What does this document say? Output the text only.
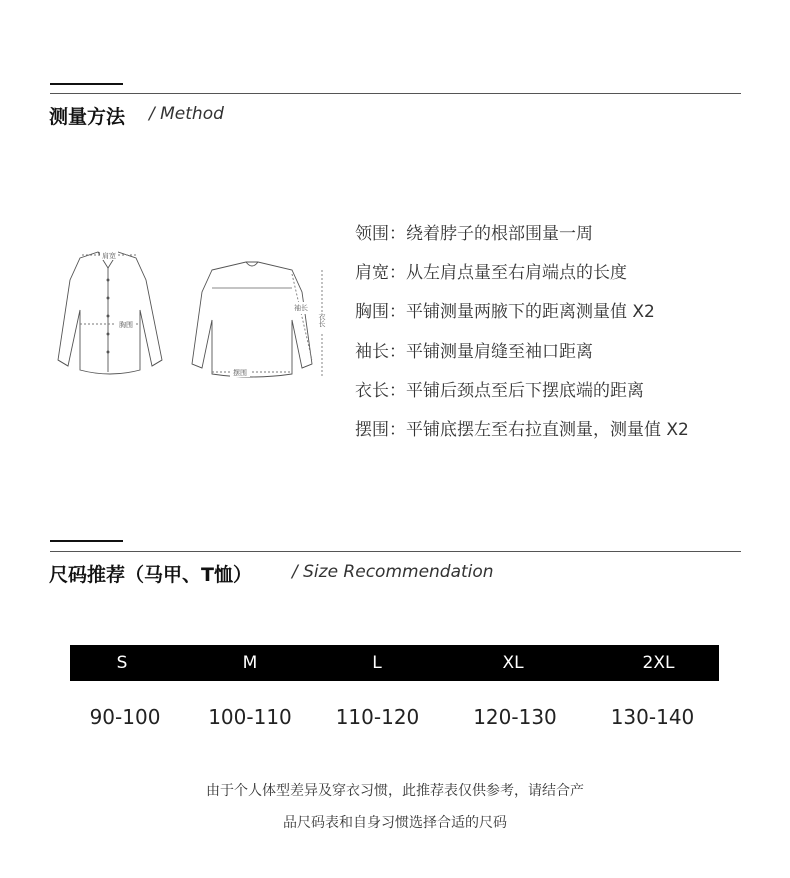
测量方法 / Method
肩宽
胸围
袖长
衣长
摆围
领围：绕着脖子的根部围量一周
肩宽：从左肩点量至右肩端点的长度
胸围：平铺测量两腋下的距离测量值 X2
袖长：平铺测量肩缝至袖口距离
衣长：平铺后颈点至后下摆底端的距离
摆围：平铺底摆左至右拉直测量，测量值 X2
尺码推荐（马甲、T恤） / Size Recommendation
S	M	L	XL	2XL
90-100	100-110	110-120	120-130	130-140
由于个人体型差异及穿衣习惯，此推荐表仅供参考，请结合产
品尺码表和自身习惯选择合适的尺码
